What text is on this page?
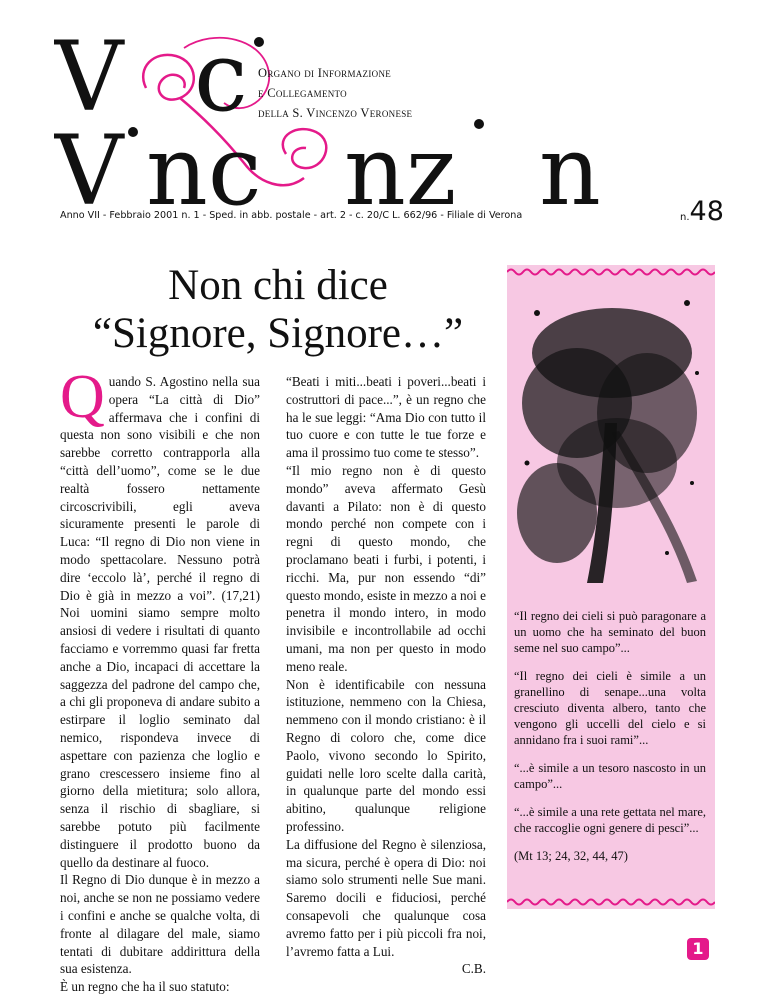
V c
V nc nz n
Organo di Informazione
e Collegamento
della S. Vincenzo Veronese
Anno VII - Febbraio 2001 n. 1 - Sped. in abb. postale - art. 2 - c. 20/C L. 662/96 - Filiale di Verona	n.48
Non chi dice
“Signore, Signore…”

Quando S. Agostino nella sua opera “La città di Dio” affermava che i confini di questa non sono visibili e che non sarebbe corretto contrapporla alla “città dell’uomo”, come se le due realtà fossero nettamente circoscrivibili, egli aveva sicuramente presenti le parole di Luca: “Il regno di Dio non viene in modo spettacolare. Nessuno potrà dire ‘eccolo là’, perché il regno di Dio è già in mezzo a voi”. (17,21) Noi uomini siamo sempre molto ansiosi di vedere i risultati di quanto facciamo e vorremmo quasi far fretta anche a Dio, incapaci di accettare la saggezza del padrone del campo che, a chi gli proponeva di andare subito a estirpare il loglio seminato dal nemico, rispondeva invece di aspettare con pazienza che loglio e grano crescessero insieme fino al giorno della mietitura; solo allora, senza il rischio di sbagliare, si sarebbe potuto più facilmente distinguere il prodotto buono da quello da destinare al fuoco.

Il Regno di Dio dunque è in mezzo a noi, anche se non ne possiamo vedere i confini e anche se qualche volta, di fronte al dilagare del male, siamo tentati di dubitare addirittura della sua esistenza.

È un regno che ha il suo statuto:

“Beati i miti...beati i poveri...beati i costruttori di pace...”, è un regno che ha le sue leggi: “Ama Dio con tutto il tuo cuore e con tutte le tue forze e ama il prossimo tuo come te stesso”.

“Il mio regno non è di questo mondo” aveva affermato Gesù davanti a Pilato: non è di questo mondo perché non compete con i regni di questo mondo, che proclamano beati i furbi, i potenti, i ricchi. Ma, pur non essendo “di” questo mondo, esiste in mezzo a noi e penetra il mondo intero, in modo invisibile e incontrollabile ad occhi umani, ma non per questo in modo meno reale.

Non è identificabile con nessuna istituzione, nemmeno con la Chiesa, nemmeno con il mondo cristiano: è il Regno di coloro che, come dice Paolo, vivono secondo lo Spirito, guidati nelle loro scelte dalla carità, in qualunque parte del mondo essi abitino, qualunque religione professino.

La diffusione del Regno è silenziosa, ma sicura, perché è opera di Dio: noi siamo solo strumenti nelle Sue mani. Saremo docili e fiduciosi, perché consapevoli che qualunque cosa avremo fatto per i più piccoli fra noi, l’avremo fatta a Lui.

C.B.

“Il regno dei cieli si può paragonare a un uomo che ha seminato del buon seme nel suo campo”...

“Il regno dei cieli è simile a un granellino di senape...una volta cresciuto diventa albero, tanto che vengono gli uccelli del cielo e si annidano fra i suoi rami”...

“...è simile a un tesoro nascosto in un campo”...

“...è simile a una rete gettata nel mare, che raccoglie ogni genere di pesci”...

(Mt 13; 24, 32, 44, 47)

1
